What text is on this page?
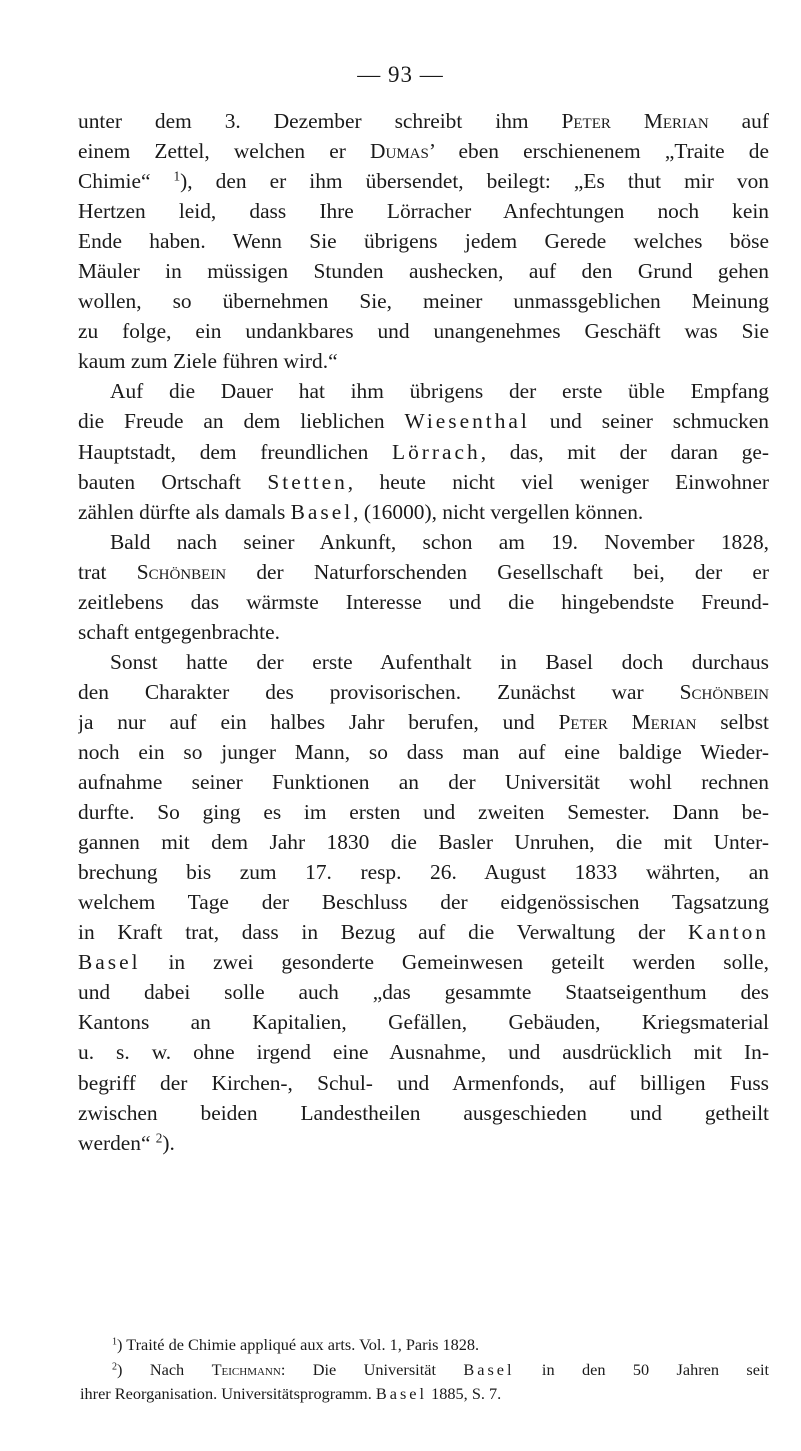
— 93 —
unter dem 3. Dezember schreibt ihm Peter Merian auf
einem Zettel, welchen er Dumas’ eben erschienenem „Traite de
Chimie“ $^1$), den er ihm übersendet, beilegt: „Es thut mir von
Hertzen leid, dass Ihre Lörracher Anfechtungen noch kein
Ende haben. Wenn Sie übrigens jedem Gerede welches böse
Mäuler in müssigen Stunden aushecken, auf den Grund gehen
wollen, so übernehmen Sie, meiner unmassgeblichen Meinung
zu folge, ein undankbares und unangenehmes Geschäft was Sie
kaum zum Ziele führen wird.“
Auf die Dauer hat ihm übrigens der erste üble Empfang
die Freude an dem lieblichen Wiesenthal und seiner schmucken
Hauptstadt, dem freundlichen Lörrach, das, mit der daran ge-
bauten Ortschaft Stetten, heute nicht viel weniger Einwohner
zählen dürfte als damals Basel, (16000), nicht vergellen können.
Bald nach seiner Ankunft, schon am 19. November 1828,
trat Schönbein der Naturforschenden Gesellschaft bei, der er
zeitlebens das wärmste Interesse und die hingebendste Freund-
schaft entgegenbrachte.
Sonst hatte der erste Aufenthalt in Basel doch durchaus
den Charakter des provisorischen. Zunächst war Schönbein
ja nur auf ein halbes Jahr berufen, und Peter Merian selbst
noch ein so junger Mann, so dass man auf eine baldige Wieder-
aufnahme seiner Funktionen an der Universität wohl rechnen
durfte. So ging es im ersten und zweiten Semester. Dann be-
gannen mit dem Jahr 1830 die Basler Unruhen, die mit Unter-
brechung bis zum 17. resp. 26. August 1833 währten, an
welchem Tage der Beschluss der eidgenössischen Tagsatzung
in Kraft trat, dass in Bezug auf die Verwaltung der Kanton
Basel in zwei gesonderte Gemeinwesen geteilt werden solle,
und dabei solle auch „das gesammte Staatseigenthum des
Kantons an Kapitalien, Gefällen, Gebäuden, Kriegsmaterial
u. s. w. ohne irgend eine Ausnahme, und ausdrücklich mit In-
begriff der Kirchen-, Schul- und Armenfonds, auf billigen Fuss
zwischen beiden Landestheilen ausgeschieden und getheilt
werden“ $^2$).
$^1$) Traité de Chimie appliqué aux arts. Vol. 1, Paris 1828.
$^2$) Nach Teichmann: Die Universität Basel in den 50 Jahren seit
ihrer Reorganisation. Universitätsprogramm. Basel 1885, S. 7.
